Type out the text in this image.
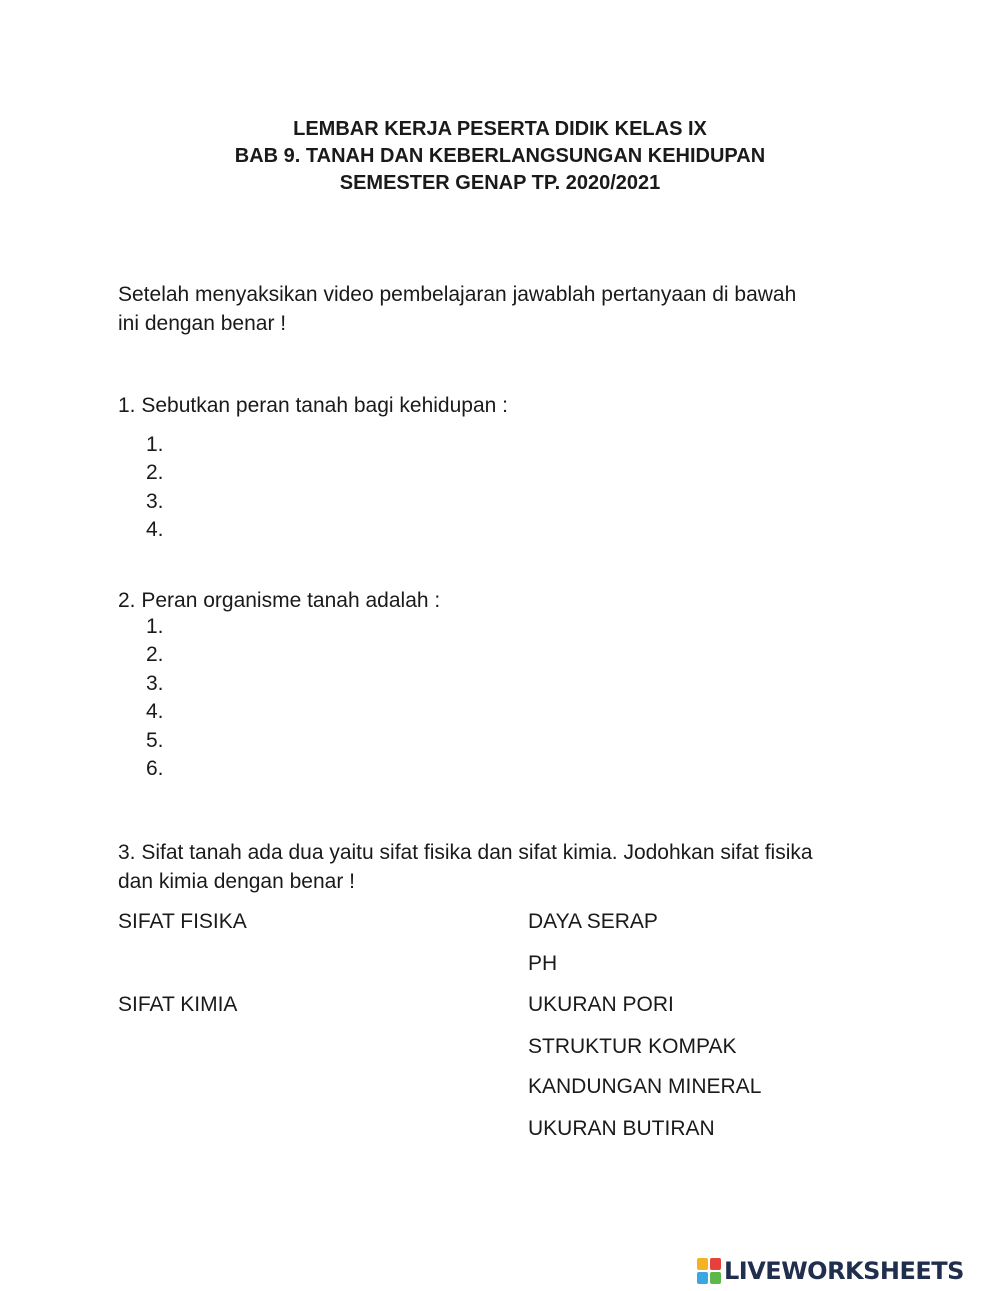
LEMBAR KERJA PESERTA DIDIK KELAS IX
BAB 9. TANAH DAN KEBERLANGSUNGAN KEHIDUPAN
SEMESTER GENAP TP. 2020/2021
Setelah menyaksikan video pembelajaran jawablah pertanyaan di bawah
ini dengan benar !
1. Sebutkan peran tanah bagi kehidupan :
1.
2.
3.
4.
2. Peran organisme tanah adalah :
1.
2.
3.
4.
5.
6.
3. Sifat tanah ada dua yaitu sifat fisika dan sifat kimia. Jodohkan sifat fisika
dan kimia dengan benar !
SIFAT FISIKA
SIFAT KIMIA
DAYA SERAP
PH
UKURAN PORI
STRUKTUR KOMPAK
KANDUNGAN MINERAL
UKURAN BUTIRAN
LIVEWORKSHEETS
